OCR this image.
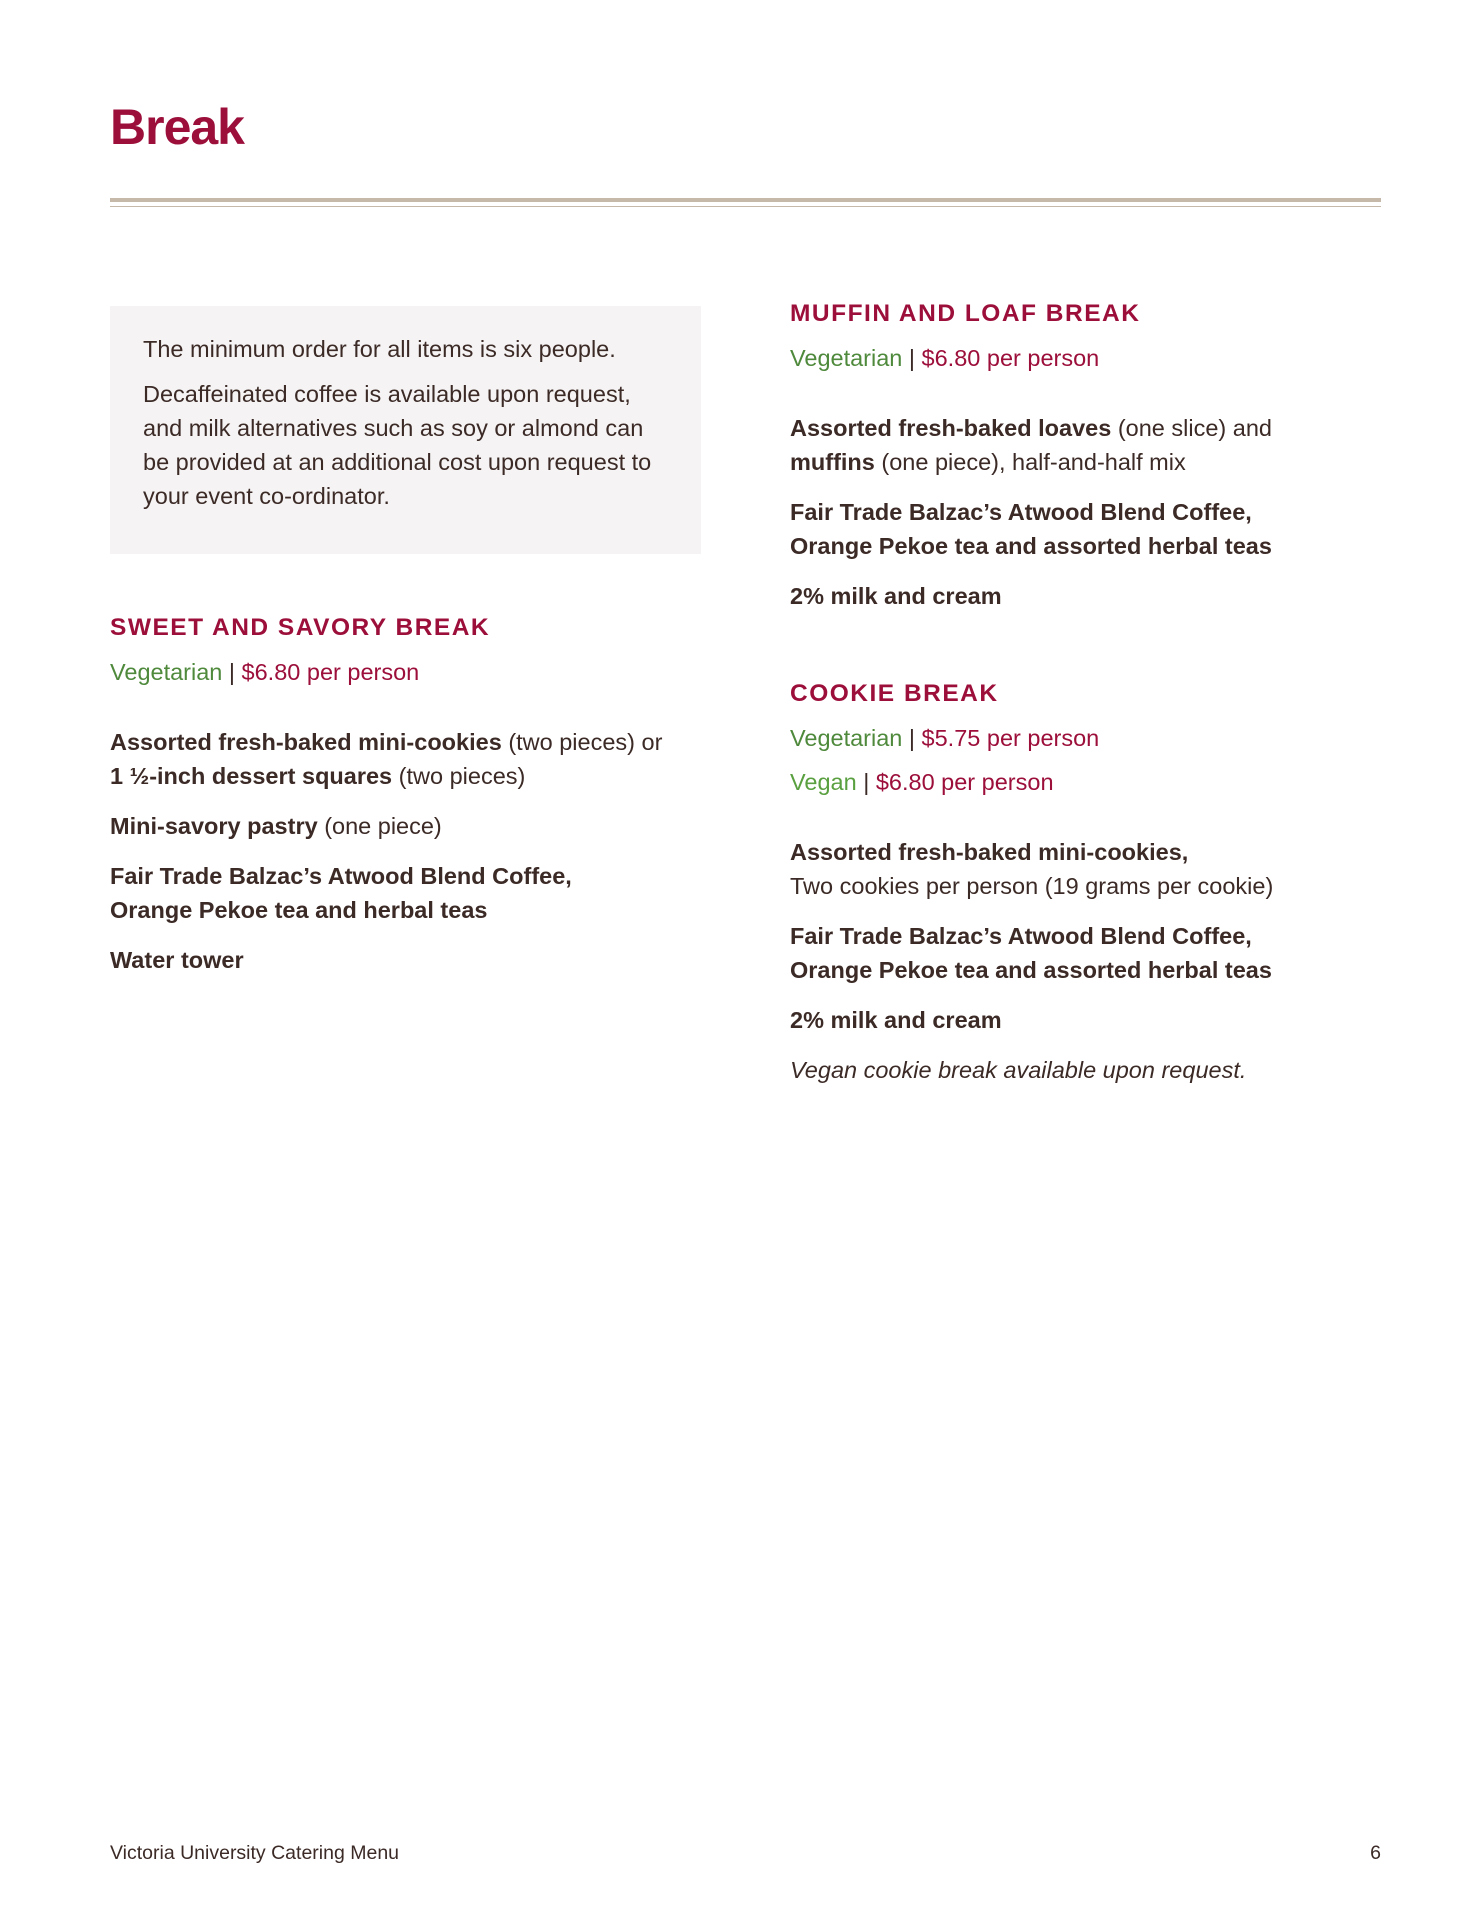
Break

The minimum order for all items is six people.

Decaffeinated coffee is available upon request, and milk alternatives such as soy or almond can be provided at an additional cost upon request to your event co-ordinator.

SWEET AND SAVORY BREAK
Vegetarian | $6.80 per person

Assorted fresh-baked mini-cookies (two pieces) or
1 ½-inch dessert squares (two pieces)

Mini-savory pastry (one piece)

Fair Trade Balzac’s Atwood Blend Coffee,
Orange Pekoe tea and herbal teas

Water tower

MUFFIN AND LOAF BREAK
Vegetarian | $6.80 per person

Assorted fresh-baked loaves (one slice) and
muffins (one piece), half-and-half mix

Fair Trade Balzac’s Atwood Blend Coffee,
Orange Pekoe tea and assorted herbal teas

2% milk and cream

COOKIE BREAK
Vegetarian | $5.75 per person
Vegan | $6.80 per person

Assorted fresh-baked mini-cookies,
Two cookies per person (19 grams per cookie)

Fair Trade Balzac’s Atwood Blend Coffee,
Orange Pekoe tea and assorted herbal teas

2% milk and cream

Vegan cookie break available upon request.

Victoria University Catering Menu	6
